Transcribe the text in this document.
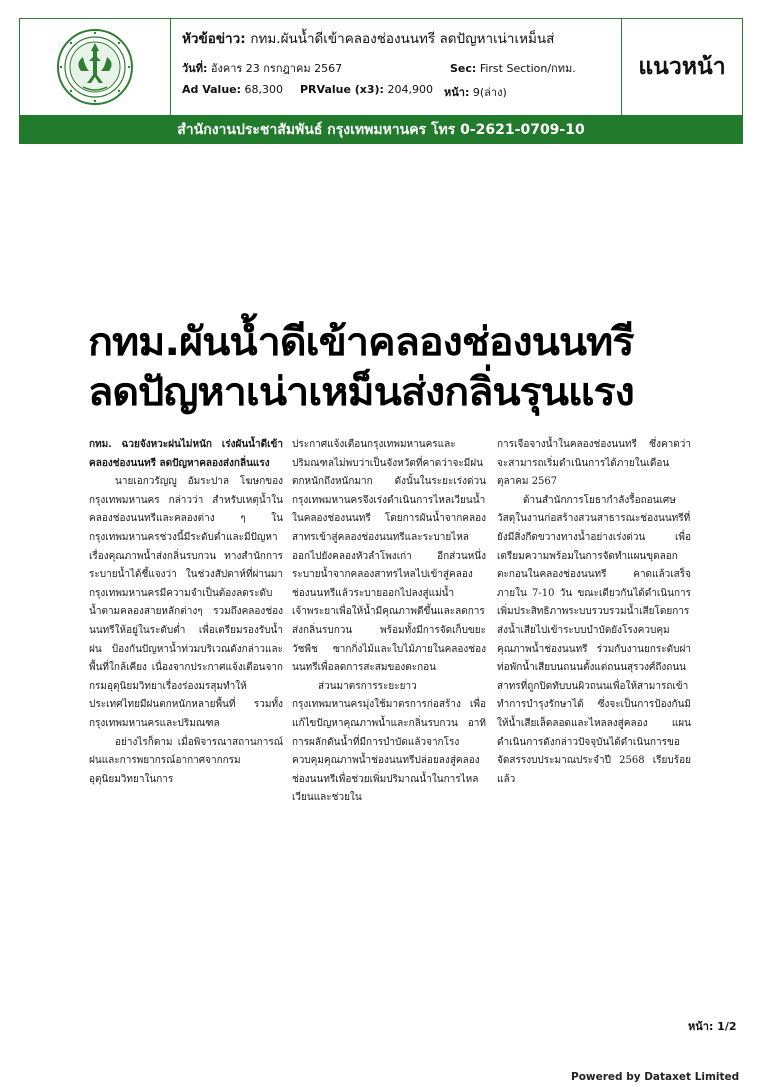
หัวข้อข่าว: กทม.ผันน้ำดีเข้าคลองช่องนนทรี ลดปัญหาเน่าเหม็นส่
วันที่: อังคาร 23 กรกฎาคม 2567	Sec: First Section/กทม.
Ad Value: 68,300 PRValue (x3): 204,900 หน้า: 9(ล่าง)
แนวหน้า
สำนักงานประชาสัมพันธ์ กรุงเทพมหานคร โทร 0-2621-0709-10
กทม.ผันน้ำดีเข้าคลองช่องนนทรี
ลดปัญหาเน่าเหม็นส่งกลิ่นรุนแรง

กทม. ฉวยจังหวะฝนไม่หนัก เร่งผันน้ำดีเข้าคลองช่องนนทรี ลดปัญหาคลองส่งกลิ่นแรง

นายเอกวรัญญู อัมระปาล โฆษกของกรุงเทพมหานคร กล่าวว่า สำหรับเหตุน้ำในคลองช่องนนทรีและคลองต่าง ๆ ในกรุงเทพมหานครช่วงนี้มีระดับต่ำและมีปัญหาเรื่องคุณภาพน้ำส่งกลิ่นรบกวน ทางสำนักการระบายน้ำได้ชี้แจงว่า ในช่วงสัปดาห์ที่ผ่านมากรุงเทพมหานครมีความจำเป็นต้องลดระดับน้ำตามคลองสายหลักต่างๆ รวมถึงคลองช่องนนทรีให้อยู่ในระดับต่ำ เพื่อเตรียมรองรับน้ำฝน ป้องกันปัญหาน้ำท่วมบริเวณดังกล่าวและพื้นที่ใกล้เคียง เนื่องจากประกาศแจ้งเตือนจากกรมอุตุนิยมวิทยาเรื่องร่องมรสุมทำให้ประเทศไทยมีฝนตกหนักหลายพื้นที่ รวมทั้งกรุงเทพมหานครและปริมณฑล

อย่างไรก็ตาม เมื่อพิจารณาสถานการณ์ฝนและการพยากรณ์อากาศจากกรมอุตุนิยมวิทยาในการ

ประกาศแจ้งเตือนกรุงเทพมหานครและปริมณฑลไม่พบว่าเป็นจังหวัดที่คาดว่าจะมีฝนตกหนักถึงหนักมาก ดังนั้นในระยะเร่งด่วนกรุงเทพมหานครจึงเร่งดำเนินการไหลเวียนน้ำในคลองช่องนนทรี โดยการผันน้ำจากคลองสาทรเข้าสู่คลองช่องนนทรีและระบายไหลออกไปยังคลองหัวลำโพงเก่า อีกส่วนหนึ่งระบายน้ำจากคลองสาทรไหลไปเข้าสู่คลองช่องนนทรีแล้วระบายออกไปลงสู่แม่น้ำเจ้าพระยาเพื่อให้น้ำมีคุณภาพดีขึ้นและลดการส่งกลิ่นรบกวน พร้อมทั้งมีการจัดเก็บขยะ วัชพืช ซากกิ่งไม้และใบไม้ภายในคลองช่องนนทรีเพื่อลดการสะสมของตะกอน

ส่วนมาตรการระยะยาว กรุงเทพมหานครมุ่งใช้มาตรการก่อสร้าง เพื่อแก้ไขปัญหาคุณภาพน้ำและกลิ่นรบกวน อาทิ การผลักดันน้ำที่มีการบำบัดแล้วจากโรงควบคุมคุณภาพน้ำช่องนนทรีปล่อยลงสู่คลองช่องนนทรีเพื่อช่วยเพิ่มปริมาณน้ำในการไหลเวียนและช่วยใน

การเจือจางน้ำในคลองช่องนนทรี ซึ่งคาดว่าจะสามารถเริ่มดำเนินการได้ภายในเดือนตุลาคม 2567

ด้านสำนักการโยธากำลังรื้อถอนเศษวัสดุในงานก่อสร้างสวนสาธารณะช่องนนทรีที่ยังมีสิ่งกีดขวางทางน้ำอย่างเร่งด่วน เพื่อเตรียมความพร้อมในการจัดทำแผนขุดลอกตะกอนในคลองช่องนนทรี คาดแล้วเสร็จภายใน 7-10 วัน ขณะเดียวกันได้ดำเนินการเพิ่มประสิทธิภาพระบบรวบรวมน้ำเสียโดยการส่งน้ำเสียไปเข้าระบบบำบัดยังโรงควบคุมคุณภาพน้ำช่องนนทรี ร่วมกับงานยกระดับฝาท่อพักน้ำเสียบนถนนตั้งแต่ถนนสุรวงศ์ถึงถนนสาทรที่ถูกปิดทับบนผิวถนนเพื่อให้สามารถเข้าทำการบำรุงรักษาได้ ซึ่งจะเป็นการป้องกันมิให้น้ำเสียเล็ดลอดและไหลลงสู่คลอง แผนดำเนินการดังกล่าวปัจจุบันได้ดำเนินการขอจัดสรรงบประมาณประจำปี 2568 เรียบร้อยแล้ว

หน้า: 1/2
Powered by Dataxet Limited
